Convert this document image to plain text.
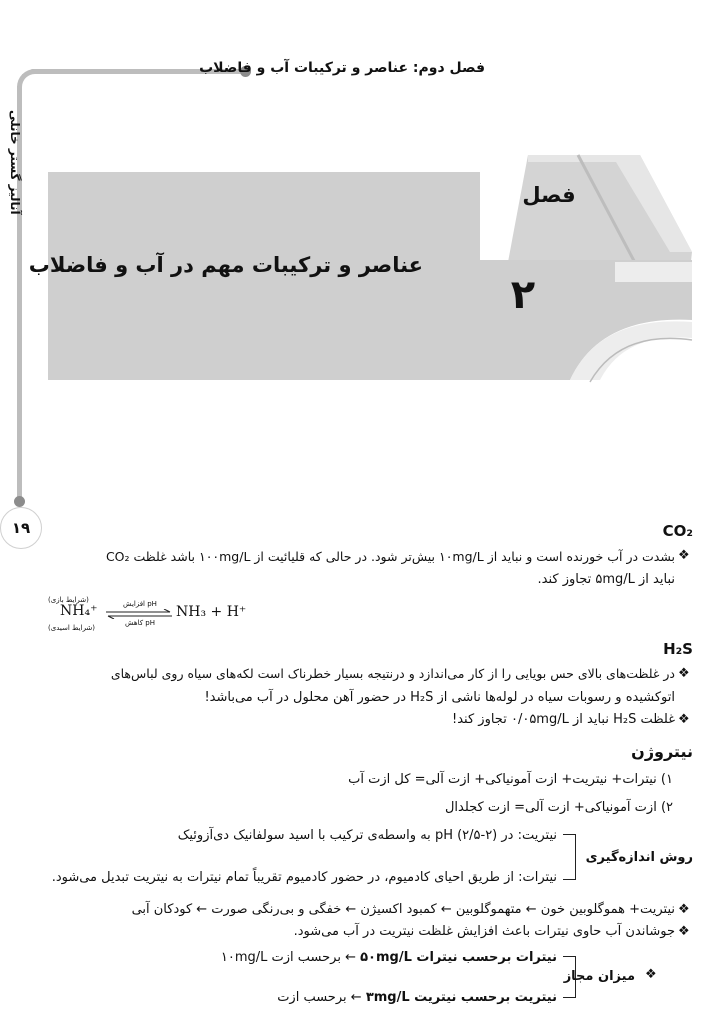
فصل دوم: عناصر و ترکیبات آب و فاضلاب
آنالیز گستر خانلی
۱۹
فصل
۲
عناصر و ترکیبات مهم در آب و فاضلاب
CO₂
❖
بشدت در آب خورنده است و نباید از ۱۰mg/L بیش‌تر شود. در حالی که قلیائیت از ۱۰۰mg/L باشد غلظت CO₂
نباید از ۵mg/L تجاوز کند.
(شرایط بازی)
NH₄⁺
(شرایط اسیدی)
pH افزایش
pH کاهش
NH₃ + H⁺
H₂S
❖
در غلظت‌های بالای حس بویایی را از کار می‌اندازد و درنتیجه بسیار خطرناک است لکه‌های سیاه روی لباس‌های
اتوکشیده و رسوبات سیاه در لوله‌ها ناشی از H₂S در حضور آهن محلول در آب می‌باشد!
❖
غلظت H₂S نباید از ۰/۰۵mg/L تجاوز کند!
نیتروژن
۱) نیترات+ نیتریت+ ازت آمونیاکی+ ازت آلی= کل ازت آب
۲) ازت آمونیاکی+ ازت آلی= ازت کجلدال
روش اندازه‌گیری
نیتریت: در pH (۲/۵-۲) به واسطه‌ی ترکیب با اسید سولفانیک دی‌آزوئیک
نیترات: از طریق احیای کادمیوم، در حضور کادمیوم تقریباً تمام نیترات به نیتریت تبدیل می‌شود.
❖
نیتریت+ هموگلوبین خون ← متهموگلوبین ← کمبود اکسیژن ← خفگی و بی‌رنگی صورت ← کودکان آبی
❖
جوشاندن آب حاوی نیترات باعث افزایش غلظت نیتریت در آب می‌شود.
❖
میزان مجاز
نیترات برحسب نیترات ۵۰mg/L ← برحسب ازت ۱۰mg/L
نیتریت برحسب نیتریت ۳mg/L ← برحسب ازت
